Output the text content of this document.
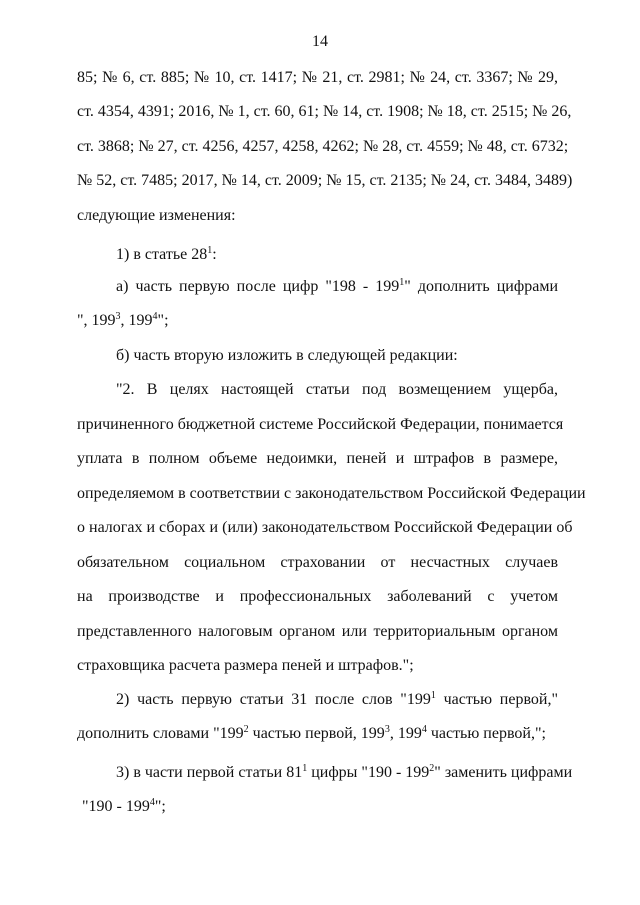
14
85; № 6, ст. 885; № 10, ст. 1417; № 21, ст. 2981; № 24, ст. 3367; № 29,
ст. 4354, 4391; 2016, № 1, ст. 60, 61; № 14, ст. 1908; № 18, ст. 2515; № 26,
ст. 3868; № 27, ст. 4256, 4257, 4258, 4262; № 28, ст. 4559; № 48, ст. 6732;
№ 52, ст. 7485; 2017, № 14, ст. 2009; № 15, ст. 2135; № 24, ст. 3484, 3489)
следующие изменения:
1) в статье $28^1$:
а) часть первую после цифр "$198 - 199^1$" дополнить цифрами
", $199^3$, $199^4$";
б) часть вторую изложить в следующей редакции:
"2. В целях настоящей статьи под возмещением ущерба,
причиненного бюджетной системе Российской Федерации, понимается
уплата в полном объеме недоимки, пеней и штрафов в размере,
определяемом в соответствии с законодательством Российской Федерации
о налогах и сборах и (или) законодательством Российской Федерации об
обязательном социальном страховании от несчастных случаев
на производстве и профессиональных заболеваний с учетом
представленного налоговым органом или территориальным органом
страховщика расчета размера пеней и штрафов.";
2) часть первую статьи 31 после слов "$199^1$ частью первой,"
дополнить словами "$199^2$ частью первой, $199^3$, $199^4$ частью первой,";
3) в части первой статьи $81^1$ цифры "$190 - 199^2$" заменить цифрами
"$190 - 199^4$";
